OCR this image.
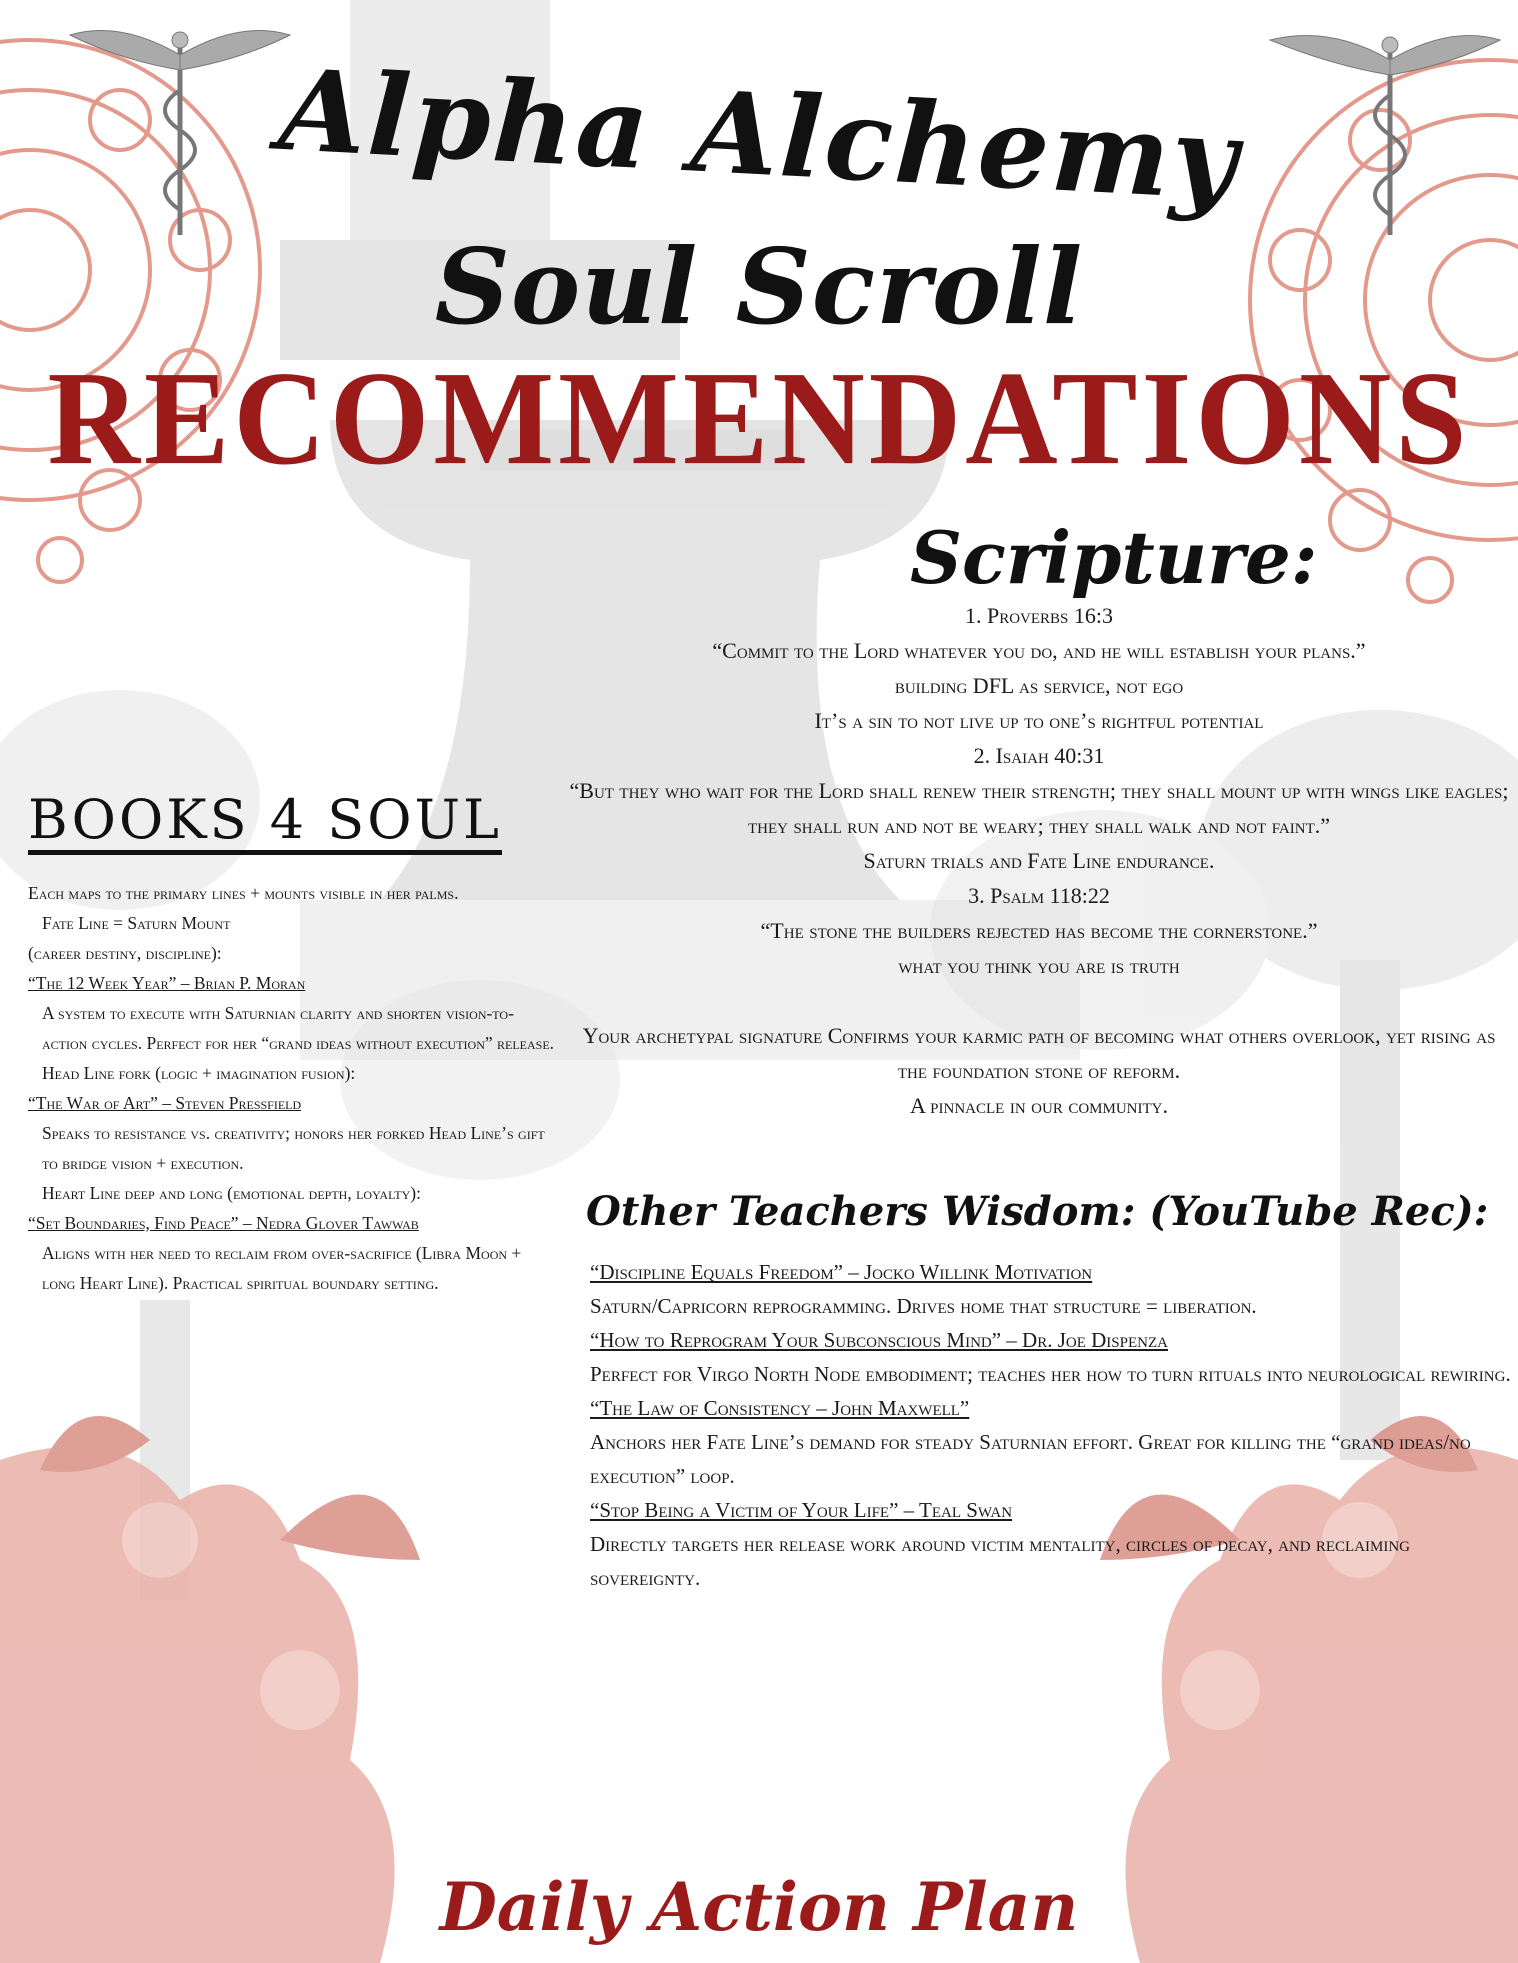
Alpha Alchemy
Soul Scroll
RECOMMENDATIONS
Scripture:
1. Proverbs 16:3
“Commit to the Lord whatever you do, and he will establish your plans.”
building DFL as service, not ego
It’s a sin to not live up to one’s rightful potential
2. Isaiah 40:31
“But they who wait for the Lord shall renew their strength; they shall mount up with wings like eagles; they shall run and not be weary; they shall walk and not faint.”
Saturn trials and Fate Line endurance.
3. Psalm 118:22
“The stone the builders rejected has become the cornerstone.”
what you think you are is truth
Your archetypal signature Confirms your karmic path of becoming what others overlook, yet rising as the foundation stone of reform.
A pinnacle in our community.
BOOKS 4 SOUL
Each maps to the primary lines + mounts visible in her palms.
Fate Line = Saturn Mount
(career destiny, discipline):
“The 12 Week Year” – Brian P. Moran
A system to execute with Saturnian clarity and shorten vision-to-action cycles. Perfect for her “grand ideas without execution” release.
Head Line fork (logic + imagination fusion):
“The War of Art” – Steven Pressfield
Speaks to resistance vs. creativity; honors her forked Head Line’s gift to bridge vision + execution.
Heart Line deep and long (emotional depth, loyalty):
“Set Boundaries, Find Peace” – Nedra Glover Tawwab
Aligns with her need to reclaim from over-sacrifice (Libra Moon + long Heart Line). Practical spiritual boundary setting.
Other Teachers Wisdom: (YouTube Rec):
“Discipline Equals Freedom” – Jocko Willink Motivation
Saturn/Capricorn reprogramming. Drives home that structure = liberation.
“How to Reprogram Your Subconscious Mind” – Dr. Joe Dispenza
Perfect for Virgo North Node embodiment; teaches her how to turn rituals into neurological rewiring.
“The Law of Consistency – John Maxwell”
Anchors her Fate Line’s demand for steady Saturnian effort. Great for killing the “grand ideas/no execution” loop.
“Stop Being a Victim of Your Life” – Teal Swan
Directly targets her release work around victim mentality, circles of decay, and reclaiming sovereignty.
Daily Action Plan
